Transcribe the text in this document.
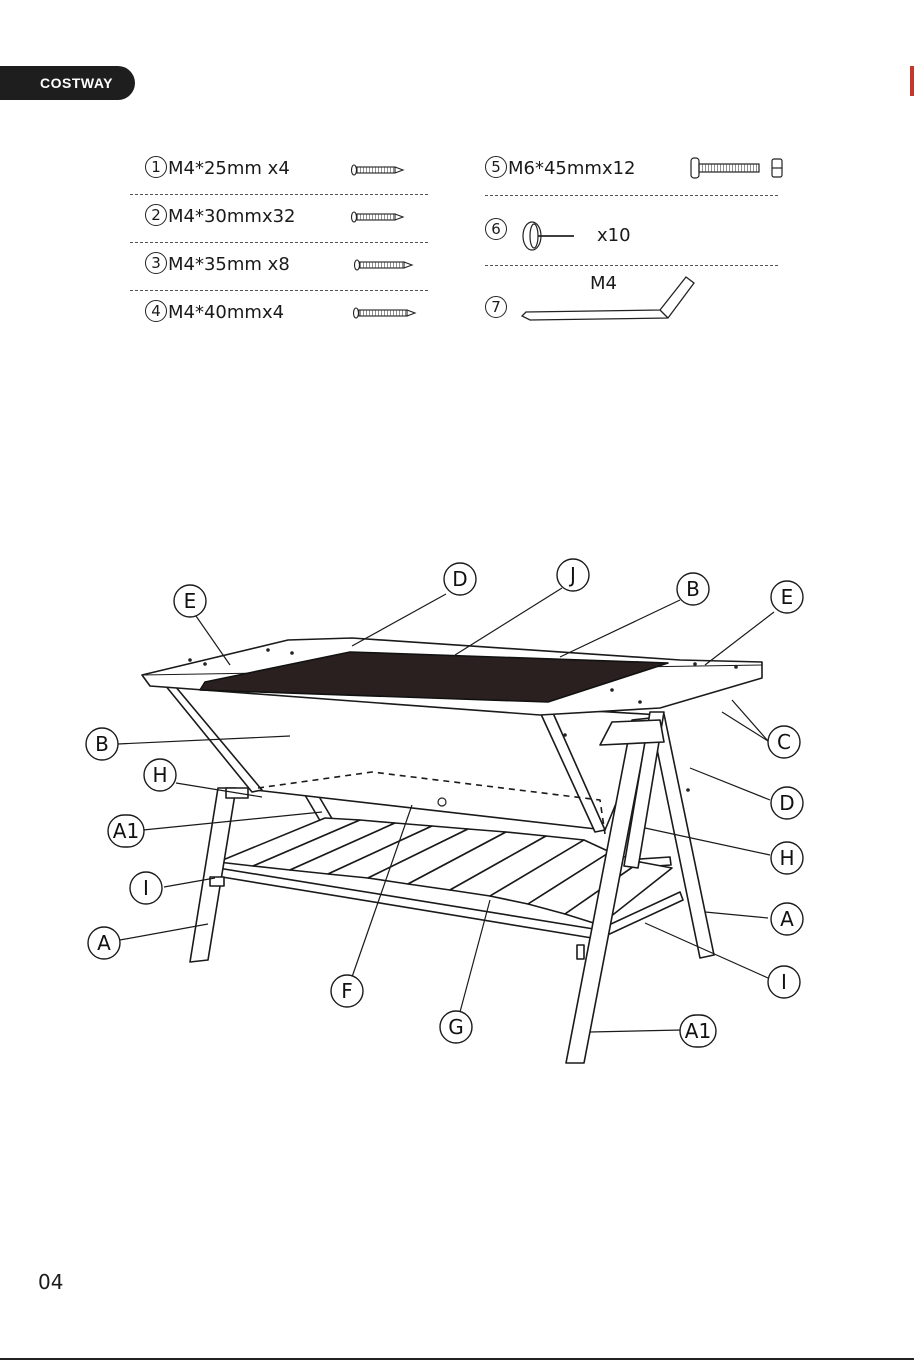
COSTWAY
1 M4*25mm x4
2 M4*30mmx32
3 M4*35mm x8
4 M4*40mmx4
5 M6*45mmx12
6	x10
7
M4
E
D	J
B	E
B	C
H
D
A1
H
I
A
A
F	I
G	A1
04
